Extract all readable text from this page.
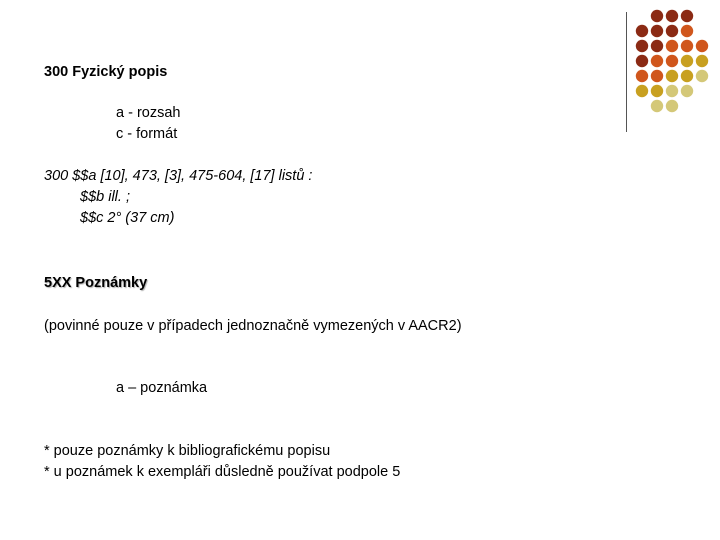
300 Fyzický popis
a - rozsah
c - formát
300 $$a [10], 473, [3], 475-604, [17] listů :
$$b ill. ;
$$c 2° (37 cm)
5XX Poznámky
(povinné pouze v případech jednoznačně vymezených v AACR2)
a – poznámka
* pouze poznámky k bibliografickému popisu
* u poznámek k exempláři důsledně používat podpole 5
